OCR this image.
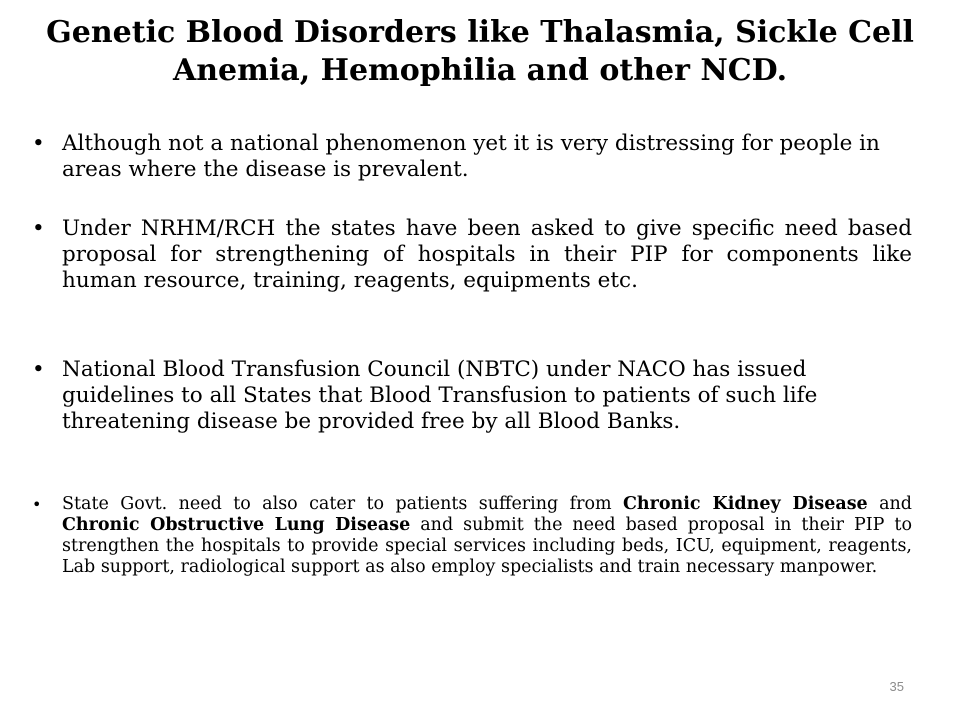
Genetic Blood Disorders like Thalasmia, Sickle Cell Anemia, Hemophilia and other NCD.
• Although not a national phenomenon yet it is very distressing for people in areas where the disease is prevalent.
• Under NRHM/RCH the states have been asked to give specific need based proposal for strengthening of hospitals in their PIP for components like human resource, training, reagents, equipments etc.
• National Blood Transfusion Council (NBTC) under NACO has issued guidelines to all States that Blood Transfusion to patients of such life threatening disease be provided free by all Blood Banks.
• State Govt. need to also cater to patients suffering from Chronic Kidney Disease and Chronic Obstructive Lung Disease and submit the need based proposal in their PIP to strengthen the hospitals to provide special services including beds, ICU, equipment, reagents, Lab support, radiological support as also employ specialists and train necessary manpower.
35
